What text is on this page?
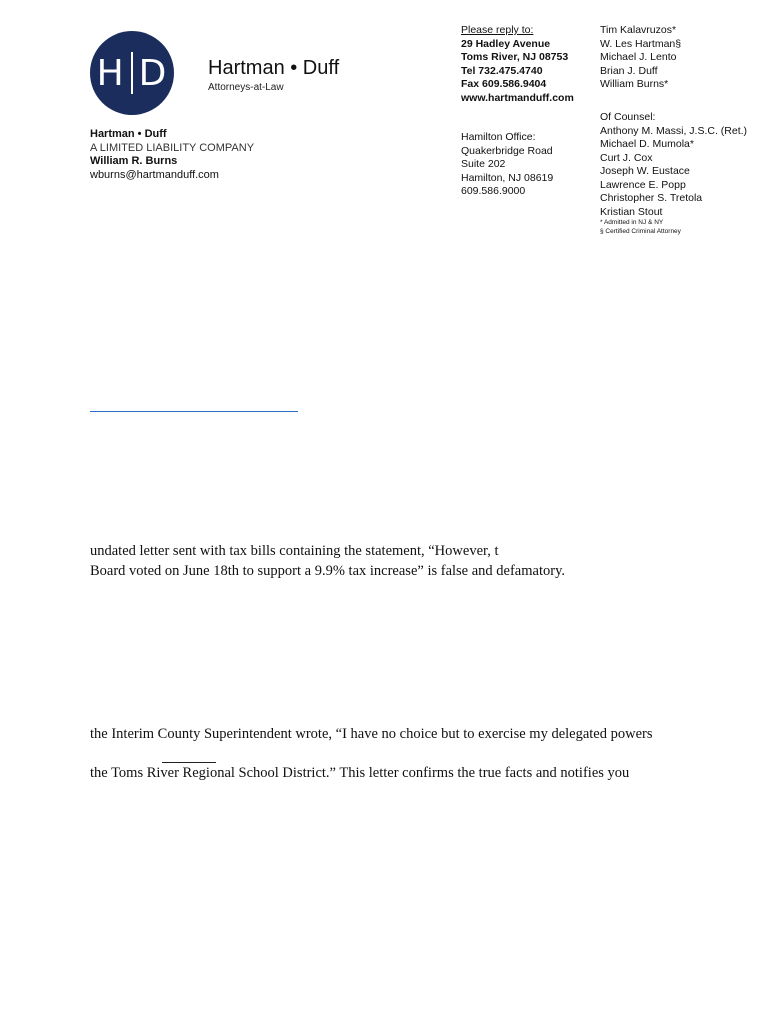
H D Hartman • Duff
Attorneys-at-Law
Hartman • Duff
A LIMITED LIABILITY COMPANY
William R. Burns
wburns@hartmanduff.com
Please reply to:
29 Hadley Avenue
Toms River, NJ 08753
Tel 732.475.4740
Fax 609.586.9404
www.hartmanduff.com
Hamilton Office:
Quakerbridge Road
Suite 202
Hamilton, NJ 08619
609.586.9000
Tim Kalavruzos*
W. Les Hartman§
Michael J. Lento
Brian J. Duff
William Burns*
Of Counsel:
Anthony M. Massi, J.S.C. (Ret.)
Michael D. Mumola*
Curt J. Cox
Joseph W. Eustace
Lawrence E. Popp
Christopher S. Tretola
Kristian Stout
* Admitted in NJ & NY
§ Certified Criminal Attorney
undated letter sent with tax bills containing the statement, “However, t
Board voted on June 18th to support a 9.9% tax increase” is false and defamatory.
the Interim County Superintendent wrote, “I have no choice but to exercise my delegated powers
the Toms River Regional School District.” This letter confirms the true facts and notifies you
